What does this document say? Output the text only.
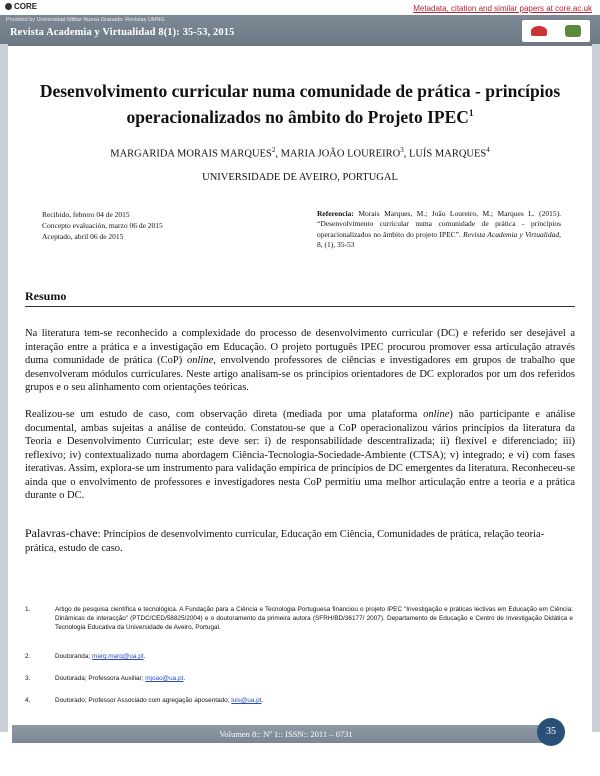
CORE	Metadata, citation and similar papers at core.ac.uk
Provided by Universidad Militar Nueva Granada: Revistas UMNG
Revista Academia y Virtualidad 8(1): 35-53, 2015
Desenvolvimento curricular numa comunidade de prática - princípios
operacionalizados no âmbito do Projeto IPEC$^1$
MARGARIDA MORAIS MARQUES$^2$, MARIA JOÃO LOUREIRO$^3$, LUÍS MARQUES$^4$
UNIVERSIDADE DE AVEIRO, PORTUGAL
Recibido, febrero 04 de 2015
Concepto evaluación, marzo 06 de 2015
Aceptado, abril 06 de 2015
Referencia: Morais Marques, M.; João Loureiro, M.; Marques L. (2015). “Desenvolvimento curricular numa comunidade de prática - princípios operacionalizados no âmbito do projeto IPEC”. Revista Academia y Virtualidad, 8, (1), 35-53
Resumo
Na literatura tem-se reconhecido a complexidade do processo de desenvolvimento curricular (DC) e referido ser desejável a interação entre a prática e a investigação em Educação. O projeto português IPEC procurou promover essa articulação através duma comunidade de prática (CoP) online, envolvendo professores de ciências e investigadores em grupos de trabalho que desenvolveram módulos curriculares. Neste artigo analisam-se os princípios orientadores de DC explorados por um dos referidos grupos e o seu alinhamento com orientações teóricas.
Realizou-se um estudo de caso, com observação direta (mediada por uma plataforma online) não participante e análise documental, ambas sujeitas a análise de conteúdo. Constatou-se que a CoP operacionalizou vários princípios da literatura da Teoria e Desenvolvimento Curricular; este deve ser: i) de responsabilidade descentralizada; ii) flexível e diferenciado; iii) reflexivo; iv) contextualizado numa abordagem Ciência-Tecnologia-Sociedade-Ambiente (CTSA); v) integrado; e vi) com fases iterativas. Assim, explora-se um instrumento para validação empírica de princípios de DC emergentes da literatura. Reconheceu-se ainda que o envolvimento de professores e investigadores nesta CoP permitiu uma melhor articulação entre a teoria e a prática durante o DC.
Palavras-chave: Princípios de desenvolvimento curricular, Educação em Ciência, Comunidades de prática, relação teoria-prática, estudo de caso.
1.	Artigo de pesquisa científica e tecnológica. A Fundação para a Ciência e Tecnologia Portuguesa financiou o projeto IPEC “Investigação e práticas lectivas em Educação em Ciência: Dinâmicas de interacção” (PTDC/CED/58825/2004) e o doutoramento da primeira autora (SFRH/BD/36177/ 2007). Departamento de Educação e Centro de Investigação Didática e Tecnologia Educativa da Universidade de Aveiro, Portugal.
2.	Doutoranda; marg.marq@ua.pt.
3.	Doutorada; Professora Auxiliar; mjoao@ua.pt.
4.	Doutorado; Professor Associado com agregação aposentado; luis@ua.pt.
Volumen 8:: Nº 1:: ISSN:: 2011 – 0731	35
